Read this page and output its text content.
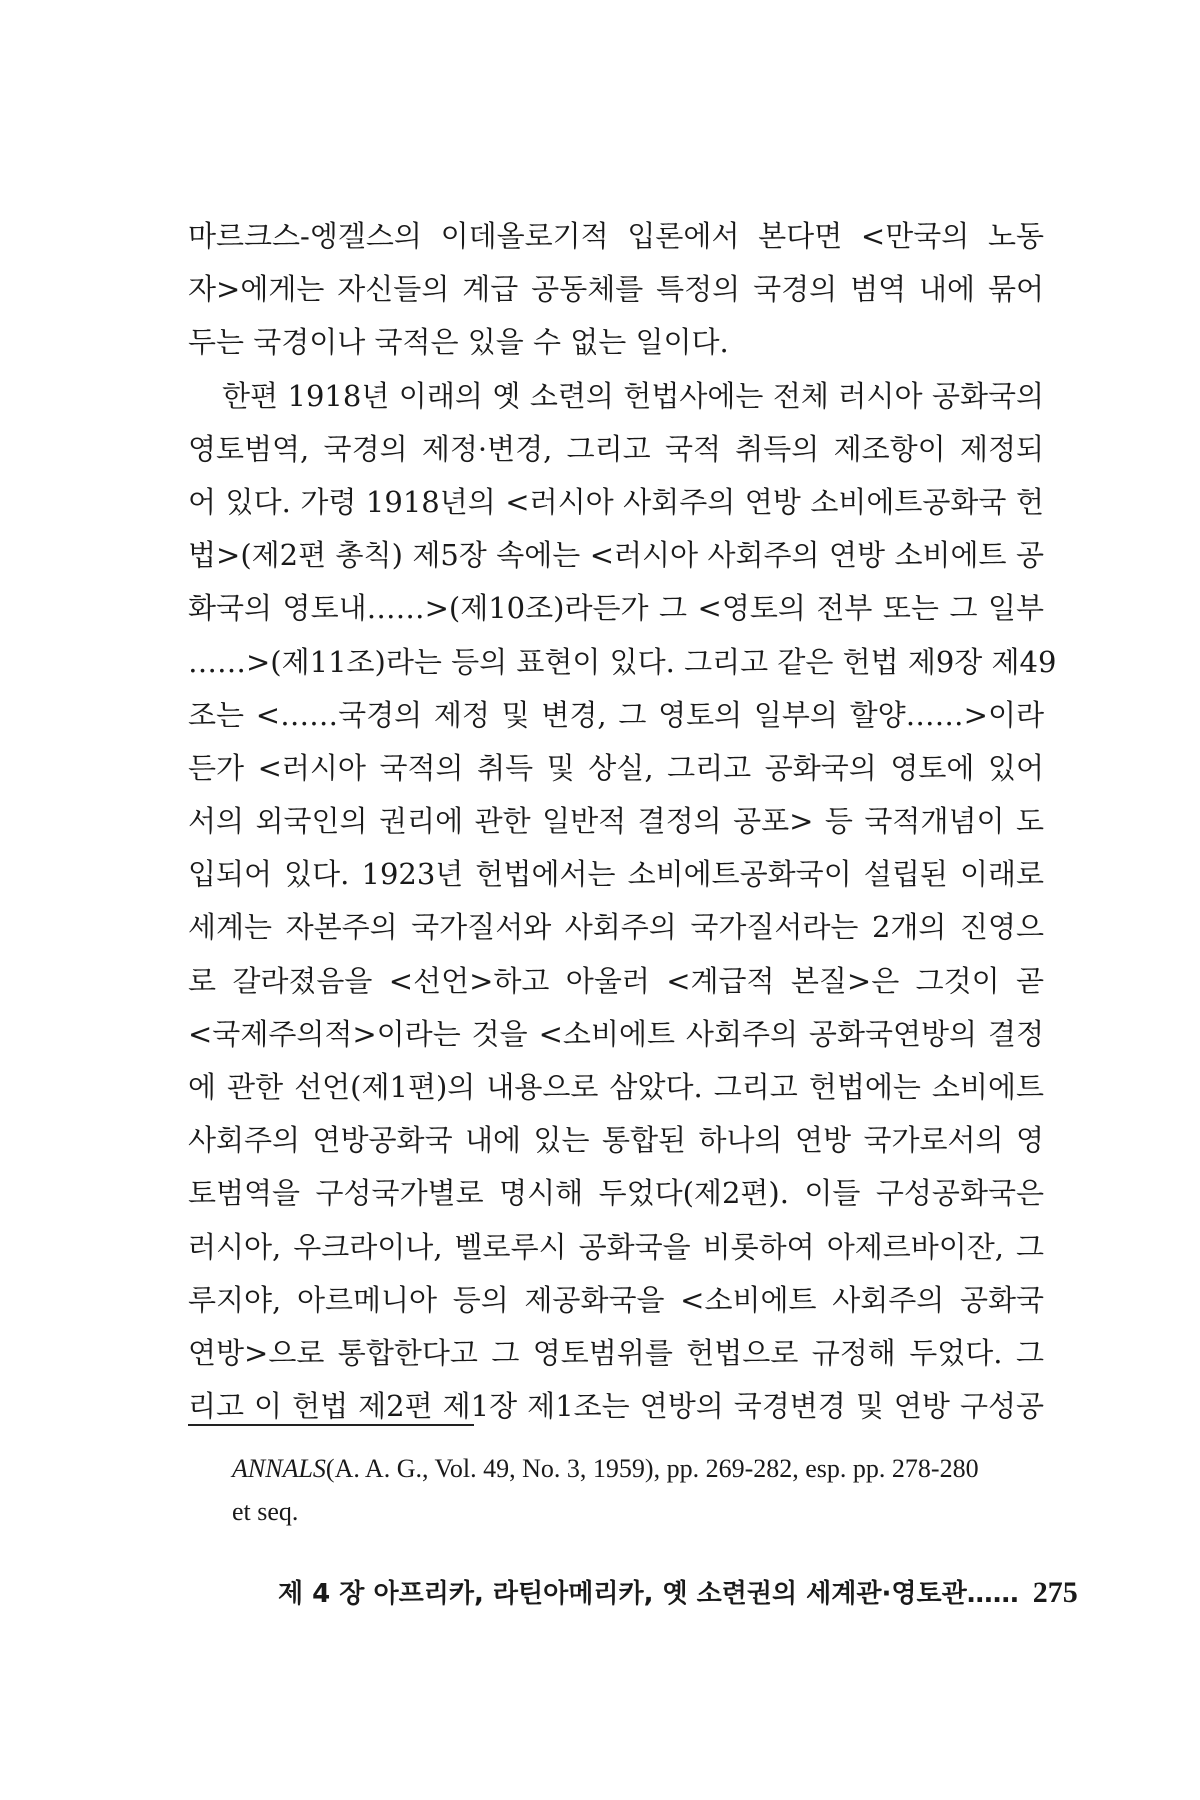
마르크스-엥겔스의 이데올로기적 입론에서 본다면 <만국의 노동
자>에게는 자신들의 계급 공동체를 특정의 국경의 범역 내에 묶어
두는 국경이나 국적은 있을 수 없는 일이다.
한편 1918년 이래의 옛 소련의 헌법사에는 전체 러시아 공화국의
영토범역, 국경의 제정·변경, 그리고 국적 취득의 제조항이 제정되
어 있다. 가령 1918년의 <러시아 사회주의 연방 소비에트공화국 헌
법>(제2편 총칙) 제5장 속에는 <러시아 사회주의 연방 소비에트 공
화국의 영토내……>(제10조)라든가 그 <영토의 전부 또는 그 일부
……>(제11조)라는 등의 표현이 있다. 그리고 같은 헌법 제9장 제49
조는 <……국경의 제정 및 변경, 그 영토의 일부의 할양……>이라
든가 <러시아 국적의 취득 및 상실, 그리고 공화국의 영토에 있어
서의 외국인의 권리에 관한 일반적 결정의 공포> 등 국적개념이 도
입되어 있다. 1923년 헌법에서는 소비에트공화국이 설립된 이래로
세계는 자본주의 국가질서와 사회주의 국가질서라는 2개의 진영으
로 갈라졌음을 <선언>하고 아울러 <계급적 본질>은 그것이 곧
<국제주의적>이라는 것을 <소비에트 사회주의 공화국연방의 결정
에 관한 선언(제1편)의 내용으로 삼았다. 그리고 헌법에는 소비에트
사회주의 연방공화국 내에 있는 통합된 하나의 연방 국가로서의 영
토범역을 구성국가별로 명시해 두었다(제2편). 이들 구성공화국은
러시아, 우크라이나, 벨로루시 공화국을 비롯하여 아제르바이잔, 그
루지야, 아르메니아 등의 제공화국을 <소비에트 사회주의 공화국
연방>으로 통합한다고 그 영토범위를 헌법으로 규정해 두었다. 그
리고 이 헌법 제2편 제1장 제1조는 연방의 국경변경 및 연방 구성공
ANNALS(A. A. G., Vol. 49, No. 3, 1959), pp. 269-282, esp. pp. 278-280
et seq.
제 4 장 아프리카, 라틴아메리카, 옛 소련권의 세계관·영토관…… 275
